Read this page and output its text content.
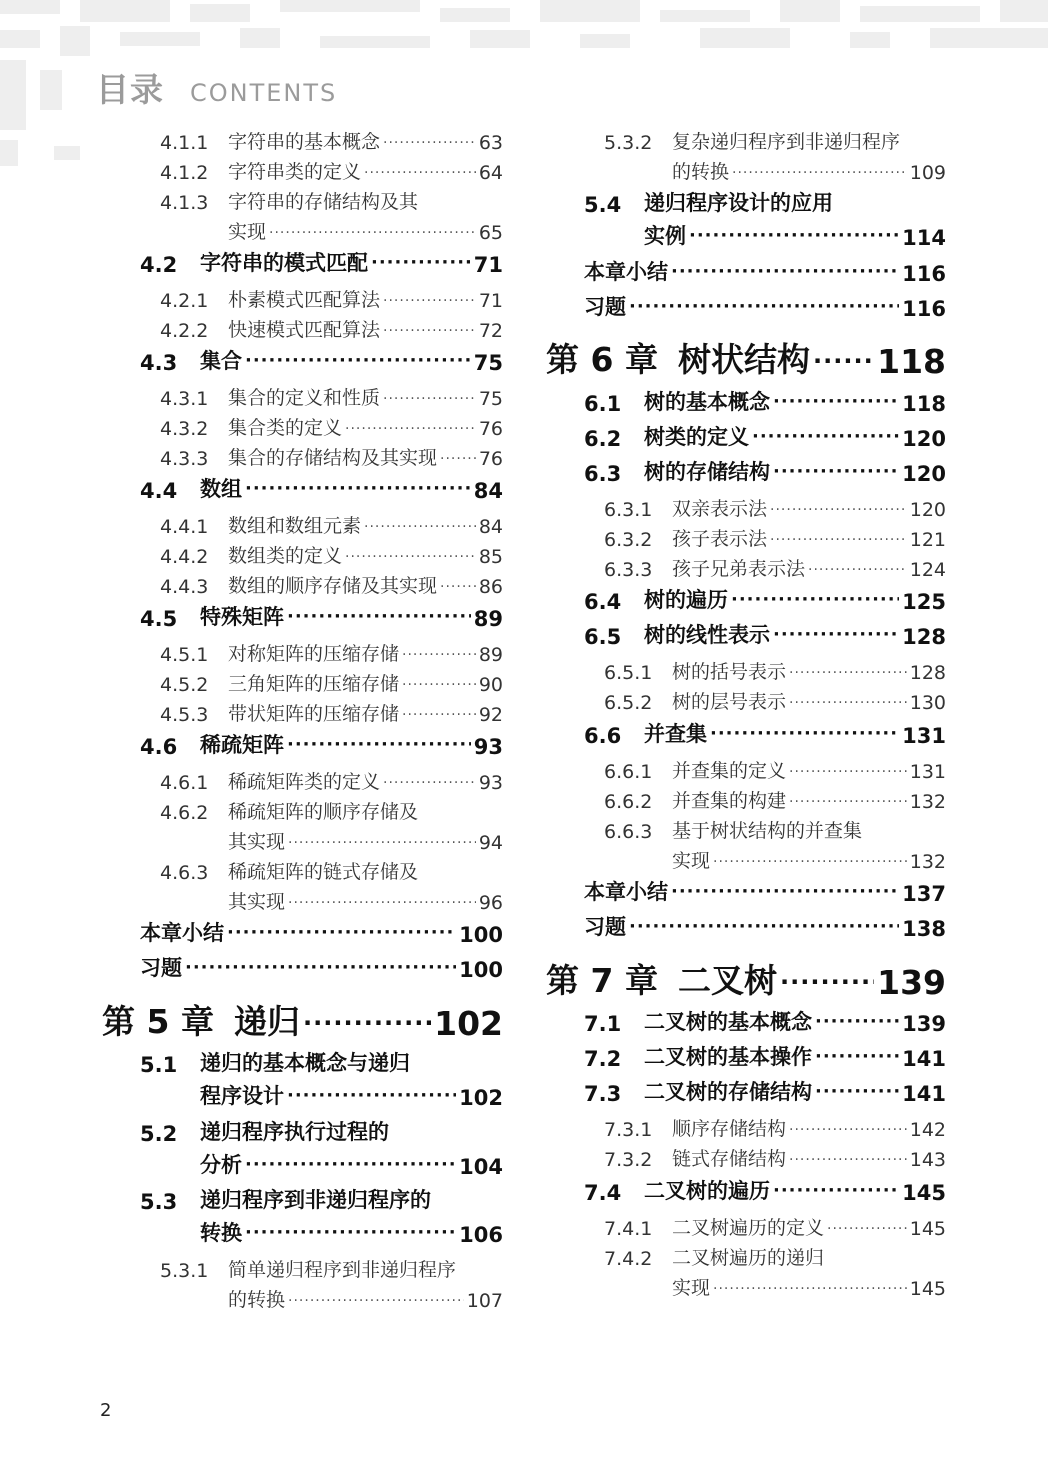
目录 CONTENTS
4.1.1	字符串的基本概念 ·····	63
4.1.2	字符串类的定义 ·····	64
4.1.3	字符串的存储结构及其
实现 ·····	65
4.2	字符串的模式匹配 ·····	71
4.2.1	朴素模式匹配算法 ·····	71
4.2.2	快速模式匹配算法 ·····	72
4.3	集合 ·····	75
4.3.1	集合的定义和性质 ·····	75
4.3.2	集合类的定义 ·····	76
4.3.3	集合的存储结构及其实现 ····· 76
4.4	数组 ·····	84
4.4.1	数组和数组元素 ·····	84
4.4.2	数组类的定义 ·····	85
4.4.3	数组的顺序存储及其实现 ····· 86
4.5	特殊矩阵 ·····	89
4.5.1	对称矩阵的压缩存储 ·····	89
4.5.2	三角矩阵的压缩存储 ·····	90
4.5.3	带状矩阵的压缩存储 ·····	92
4.6	稀疏矩阵 ·····	93
4.6.1	稀疏矩阵类的定义 ·····	93
4.6.2	稀疏矩阵的顺序存储及
其实现 ·····	94
4.6.3	稀疏矩阵的链式存储及
其实现 ·····	96
本章小结 ·····	100
习题 ·····	100
第 5 章 递归 ·····	102
5.1	递归的基本概念与递归
程序设计 ·····	102
5.2	递归程序执行过程的
分析 ·····	104
5.3	递归程序到非递归程序的
转换 ·····	106
5.3.1	简单递归程序到非递归程序
的转换 ·····	107
5.3.2	复杂递归程序到非递归程序
的转换 ·····	109
5.4	递归程序设计的应用
实例 ·····	114
本章小结 ·····	116
习题 ·····	116
第 6 章 树状结构 ····· 118
6.1	树的基本概念 ·····	118
6.2	树类的定义 ·····	120
6.3	树的存储结构 ·····	120
6.3.1	双亲表示法 ·····	120
6.3.2	孩子表示法 ·····	121
6.3.3	孩子兄弟表示法 ·····	124
6.4	树的遍历 ·····	125
6.5	树的线性表示 ·····	128
6.5.1	树的括号表示 ·····	128
6.5.2	树的层号表示 ·····	130
6.6	并查集 ·····	131
6.6.1	并查集的定义 ·····	131
6.6.2	并查集的构建 ·····	132
6.6.3	基于树状结构的并查集
实现 ·····	132
本章小结 ·····	137
习题 ·····	138
第 7 章 二叉树 ·····	139
7.1	二叉树的基本概念 ·····	139
7.2	二叉树的基本操作 ·····	141
7.3	二叉树的存储结构 ·····	141
7.3.1	顺序存储结构 ·····	142
7.3.2	链式存储结构 ·····	143
7.4	二叉树的遍历 ·····	145
7.4.1	二叉树遍历的定义 ·····	145
7.4.2	二叉树遍历的递归
实现 ·····	145
2
